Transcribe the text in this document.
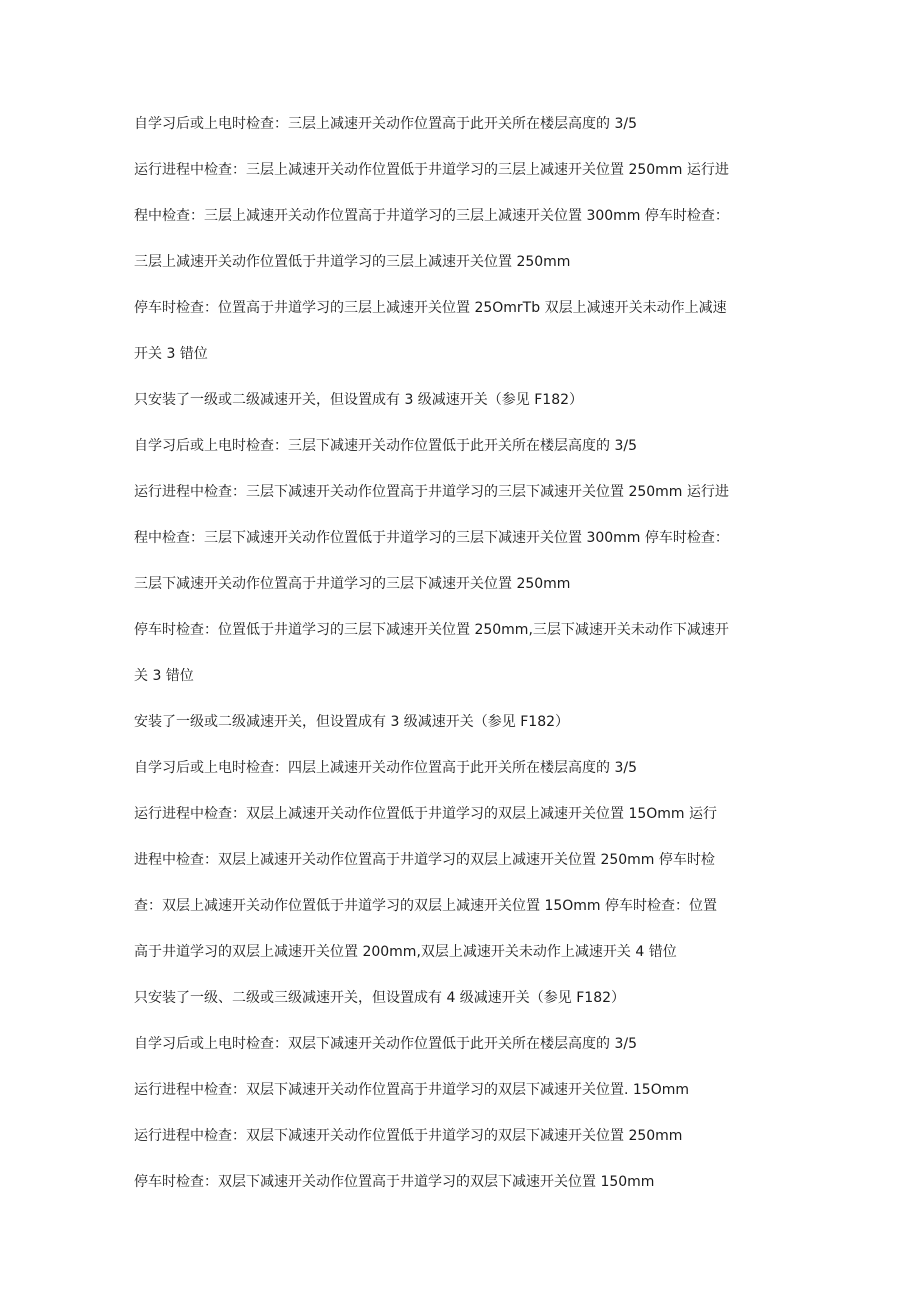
自学习后或上电时检查：三层上减速开关动作位置高于此开关所在楼层高度的 3/5
运行进程中检查：三层上减速开关动作位置低于井道学习的三层上减速开关位置 250mm 运行进
程中检查：三层上减速开关动作位置高于井道学习的三层上减速开关位置 300mm 停车时检查：
三层上减速开关动作位置低于井道学习的三层上减速开关位置 250mm
停车时检查：位置高于井道学习的三层上减速开关位置 25OmrTb 双层上减速开关未动作上减速
开关 3 错位
只安装了一级或二级减速开关，但设置成有 3 级减速开关（参见 F182）
自学习后或上电时检查：三层下减速开关动作位置低于此开关所在楼层高度的 3/5
运行进程中检查：三层下减速开关动作位置高于井道学习的三层下减速开关位置 250mm 运行进
程中检查：三层下减速开关动作位置低于井道学习的三层下减速开关位置 300mm 停车时检查：
三层下减速开关动作位置高于井道学习的三层下减速开关位置 250mm
停车时检查：位置低于井道学习的三层下减速开关位置 250mm,三层下减速开关未动作下减速开
关 3 错位
安装了一级或二级减速开关，但设置成有 3 级减速开关（参见 F182）
自学习后或上电时检查：四层上减速开关动作位置高于此开关所在楼层高度的 3/5
运行进程中检查：双层上减速开关动作位置低于井道学习的双层上减速开关位置 15Omm 运行
进程中检查：双层上减速开关动作位置高于井道学习的双层上减速开关位置 250mm 停车时检
查：双层上减速开关动作位置低于井道学习的双层上减速开关位置 15Omm 停车时检查：位置
高于井道学习的双层上减速开关位置 200mm,双层上减速开关未动作上减速开关 4 错位
只安装了一级、二级或三级减速开关，但设置成有 4 级减速开关（参见 F182）
自学习后或上电时检查：双层下减速开关动作位置低于此开关所在楼层高度的 3/5
运行进程中检查：双层下减速开关动作位置高于井道学习的双层下减速开关位置. 15Omm
运行进程中检查：双层下减速开关动作位置低于井道学习的双层下减速开关位置 250mm
停车时检查：双层下减速开关动作位置高于井道学习的双层下减速开关位置 150mm
